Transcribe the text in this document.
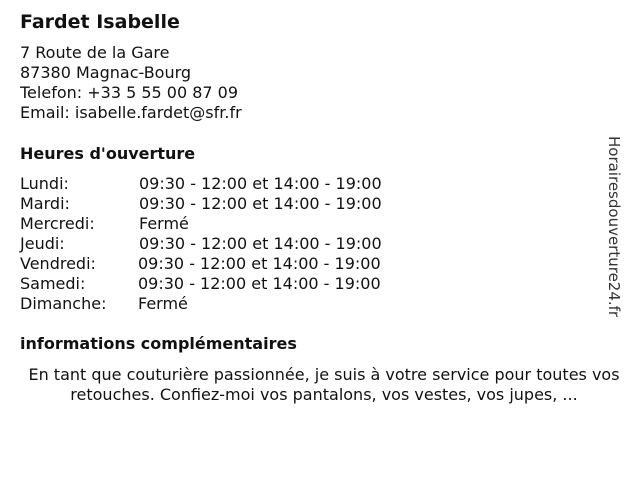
Fardet Isabelle
7 Route de la Gare
87380 Magnac-Bourg
Telefon: +33 5 55 00 87 09
Email: isabelle.fardet@sfr.fr
Heures d'ouverture
Lundi:	09:30 - 12:00 et 14:00 - 19:00
Mardi:	09:30 - 12:00 et 14:00 - 19:00
Mercredi:	Fermé
Jeudi:	09:30 - 12:00 et 14:00 - 19:00
Vendredi:	09:30 - 12:00 et 14:00 - 19:00
Samedi:	09:30 - 12:00 et 14:00 - 19:00
Dimanche: Fermé
informations complémentaires
En tant que couturière passionnée, je suis à votre service pour toutes vos retouches. Confiez-moi vos pantalons, vos vestes, vos jupes, ...
Horairesdouverture24.fr
